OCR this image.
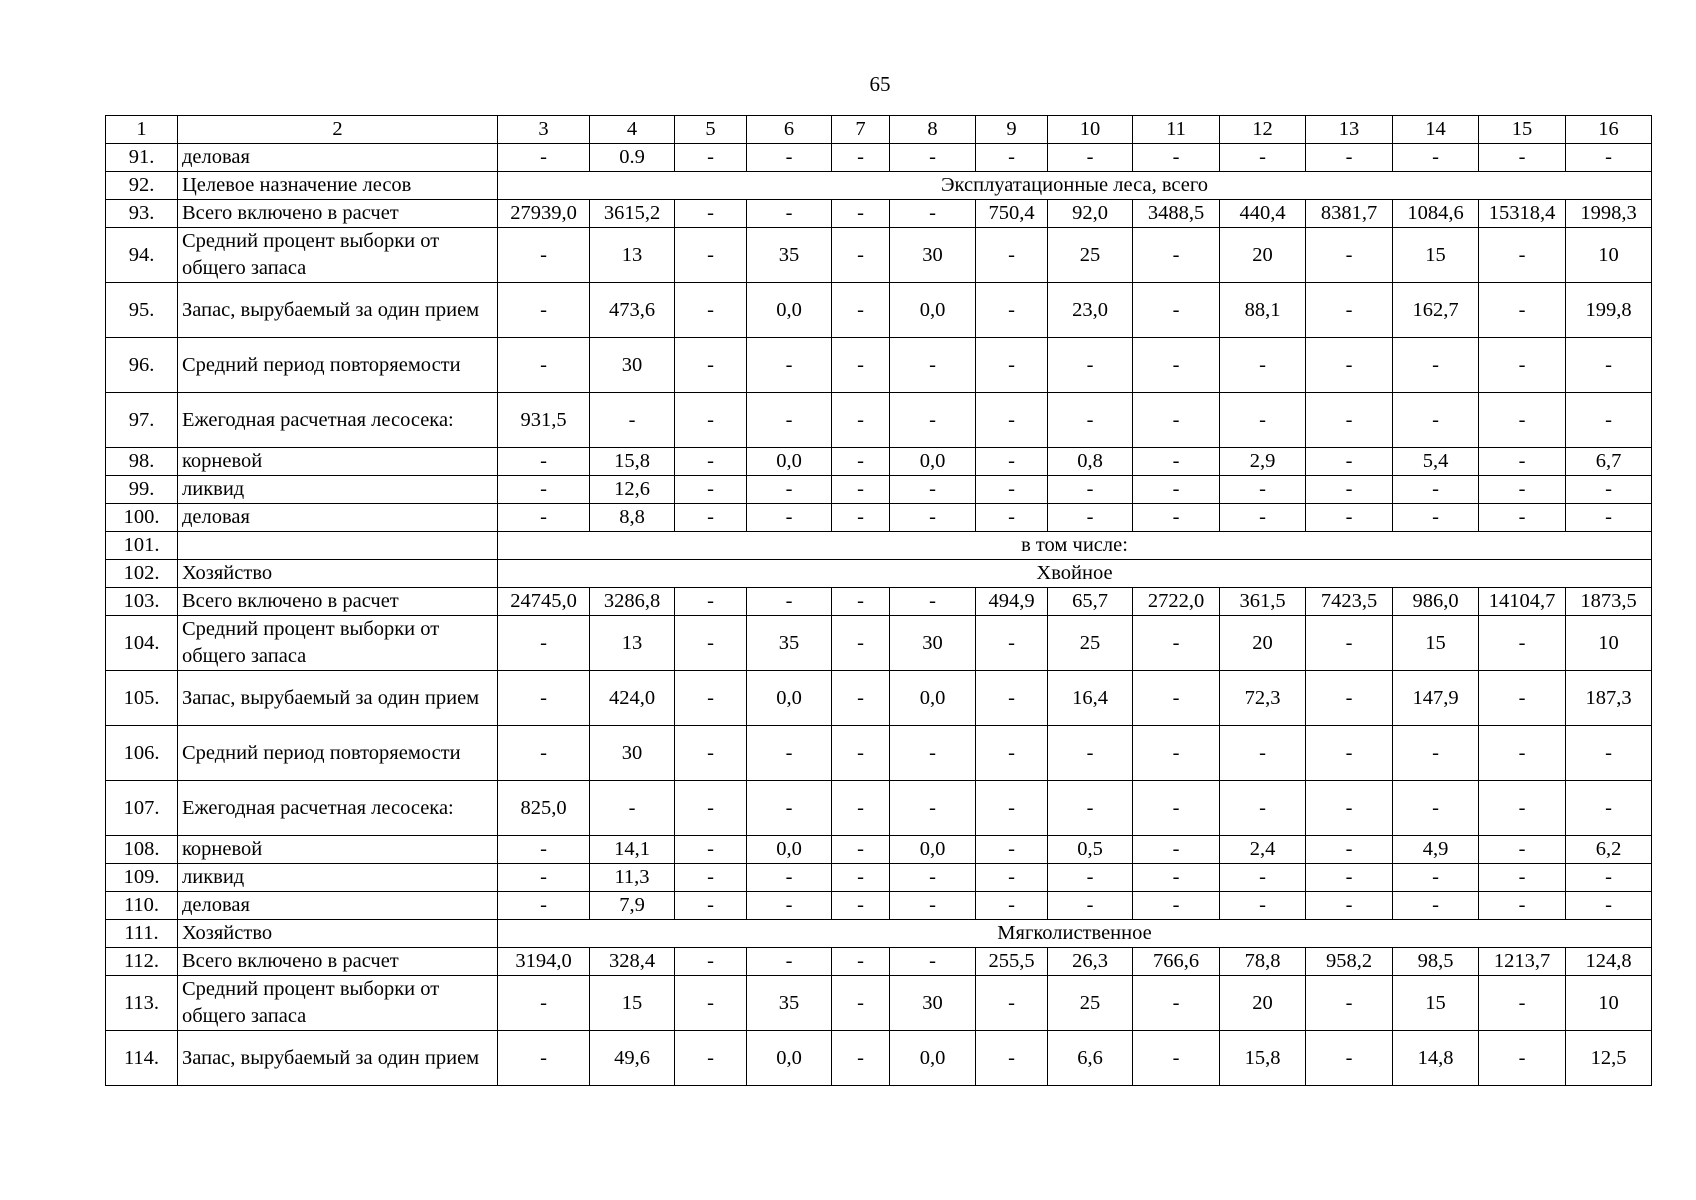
65
1	2	3	4	5	6	7	8	9	10	11	12	13	14	15	16
91.	деловая	-	0.9	-	-	-	-	-	-	-	-	-	-	-	-
92.	Целевое назначение лесов	Эксплуатационные леса, всего													
93.	Всего включено в расчет	27939,0	3615,2	-	-	-	-	750,4	92,0	3488,5	440,4	8381,7	1084,6	15318,4	1998,3
94.	Средний процент выборки от общего запаса	-	13	-	35	-	30	-	25	-	20	-	15	-	10
95.	Запас, вырубаемый за один прием	-	473,6	-	0,0	-	0,0	-	23,0	-	88,1	-	162,7	-	199,8
96.	Средний период повторяемости	-	30	-	-	-	-	-	-	-	-	-	-	-	-
97.	Ежегодная расчетная лесосека:	931,5	-	-	-	-	-	-	-	-	-	-	-	-	-
98.	корневой	-	15,8	-	0,0	-	0,0	-	0,8	-	2,9	-	5,4	-	6,7
99.	ликвид	-	12,6	-	-	-	-	-	-	-	-	-	-	-	-
100.	деловая	-	8,8	-	-	-	-	-	-	-	-	-	-	-	-
101.		в том числе:													
102.	Хозяйство	Хвойное													
103.	Всего включено в расчет	24745,0	3286,8	-	-	-	-	494,9	65,7	2722,0	361,5	7423,5	986,0	14104,7	1873,5
104.	Средний процент выборки от общего запаса	-	13	-	35	-	30	-	25	-	20	-	15	-	10
105.	Запас, вырубаемый за один прием	-	424,0	-	0,0	-	0,0	-	16,4	-	72,3	-	147,9	-	187,3
106.	Средний период повторяемости	-	30	-	-	-	-	-	-	-	-	-	-	-	-
107.	Ежегодная расчетная лесосека:	825,0	-	-	-	-	-	-	-	-	-	-	-	-	-
108.	корневой	-	14,1	-	0,0	-	0,0	-	0,5	-	2,4	-	4,9	-	6,2
109.	ликвид	-	11,3	-	-	-	-	-	-	-	-	-	-	-	-
110.	деловая	-	7,9	-	-	-	-	-	-	-	-	-	-	-	-
111.	Хозяйство	Мягколиственное													
112.	Всего включено в расчет	3194,0	328,4	-	-	-	-	255,5	26,3	766,6	78,8	958,2	98,5	1213,7	124,8
113.	Средний процент выборки от общего запаса	-	15	-	35	-	30	-	25	-	20	-	15	-	10
114.	Запас, вырубаемый за один прием	-	49,6	-	0,0	-	0,0	-	6,6	-	15,8	-	14,8	-	12,5
